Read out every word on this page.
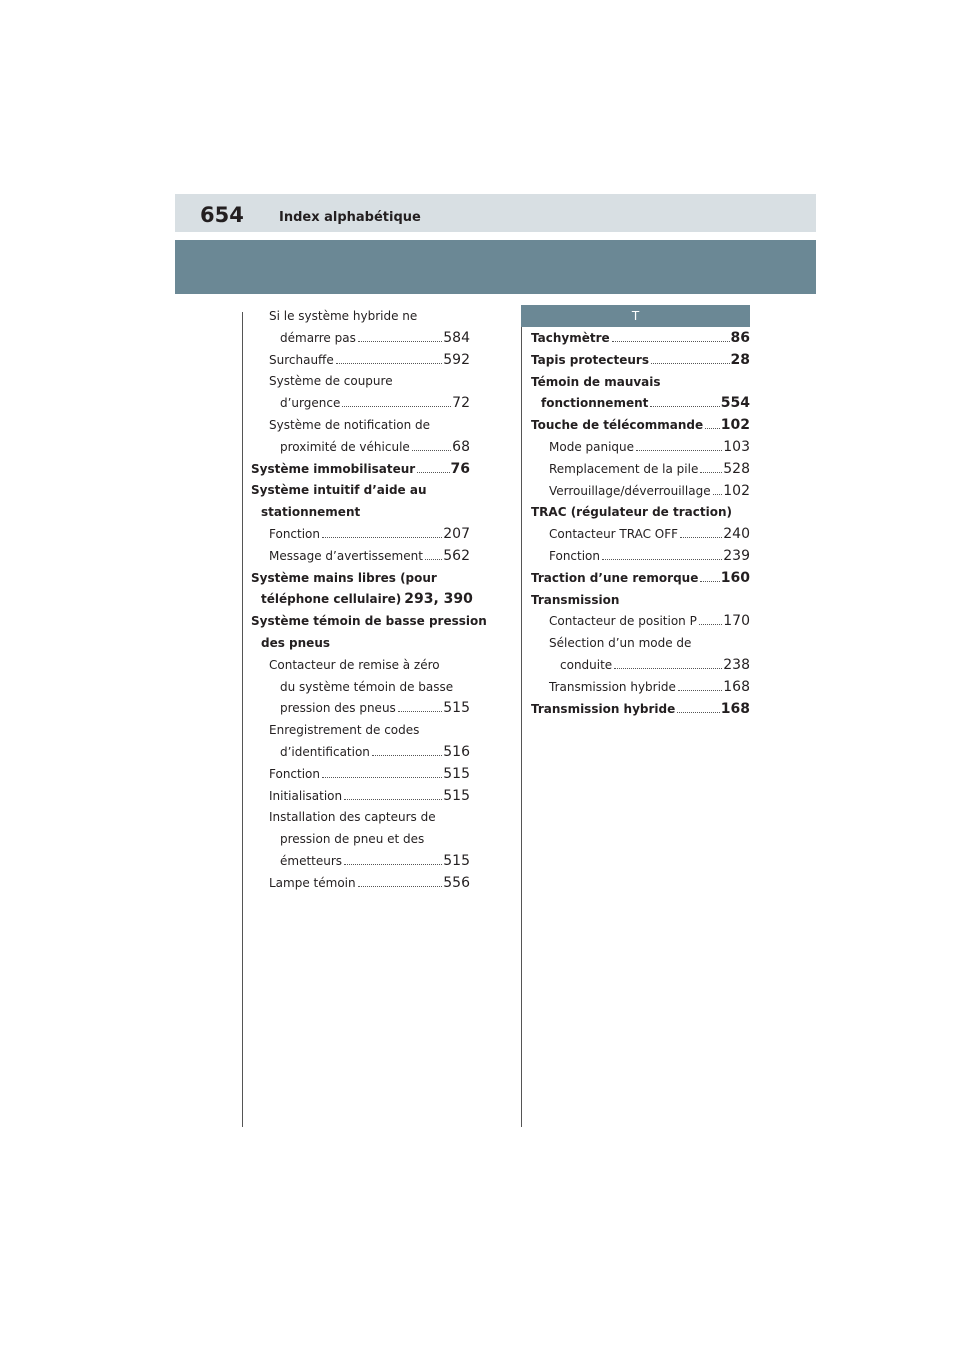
654	Index alphabétique
T
Si le système hybride ne
démarre pas	584
Surchauffe	592
Système de coupure
d’urgence	72
Système de notification de
proximité de véhicule	68
Système immobilisateur	76
Système intuitif d’aide au
stationnement
Fonction	207
Message d’avertissement 562
Système mains libres (pour
téléphone cellulaire) 293, 390
Système témoin de basse pression
des pneus
Contacteur de remise à zéro
du système témoin de basse
pression des pneus	515
Enregistrement de codes
d’identification	516
Fonction	515
Initialisation	515
Installation des capteurs de
pression de pneu et des
émetteurs	515
Lampe témoin	556
Tachymètre	86
Tapis protecteurs	28
Témoin de mauvais
fonctionnement	554
Touche de télécommande 102
Mode panique	103
Remplacement de la pile 528
Verrouillage/déverrouillage 102
TRAC (régulateur de traction)
Contacteur TRAC OFF	240
Fonction	239
Traction d’une remorque 160
Transmission
Contacteur de position P 170
Sélection d’un mode de
conduite	238
Transmission hybride	168
Transmission hybride	168
